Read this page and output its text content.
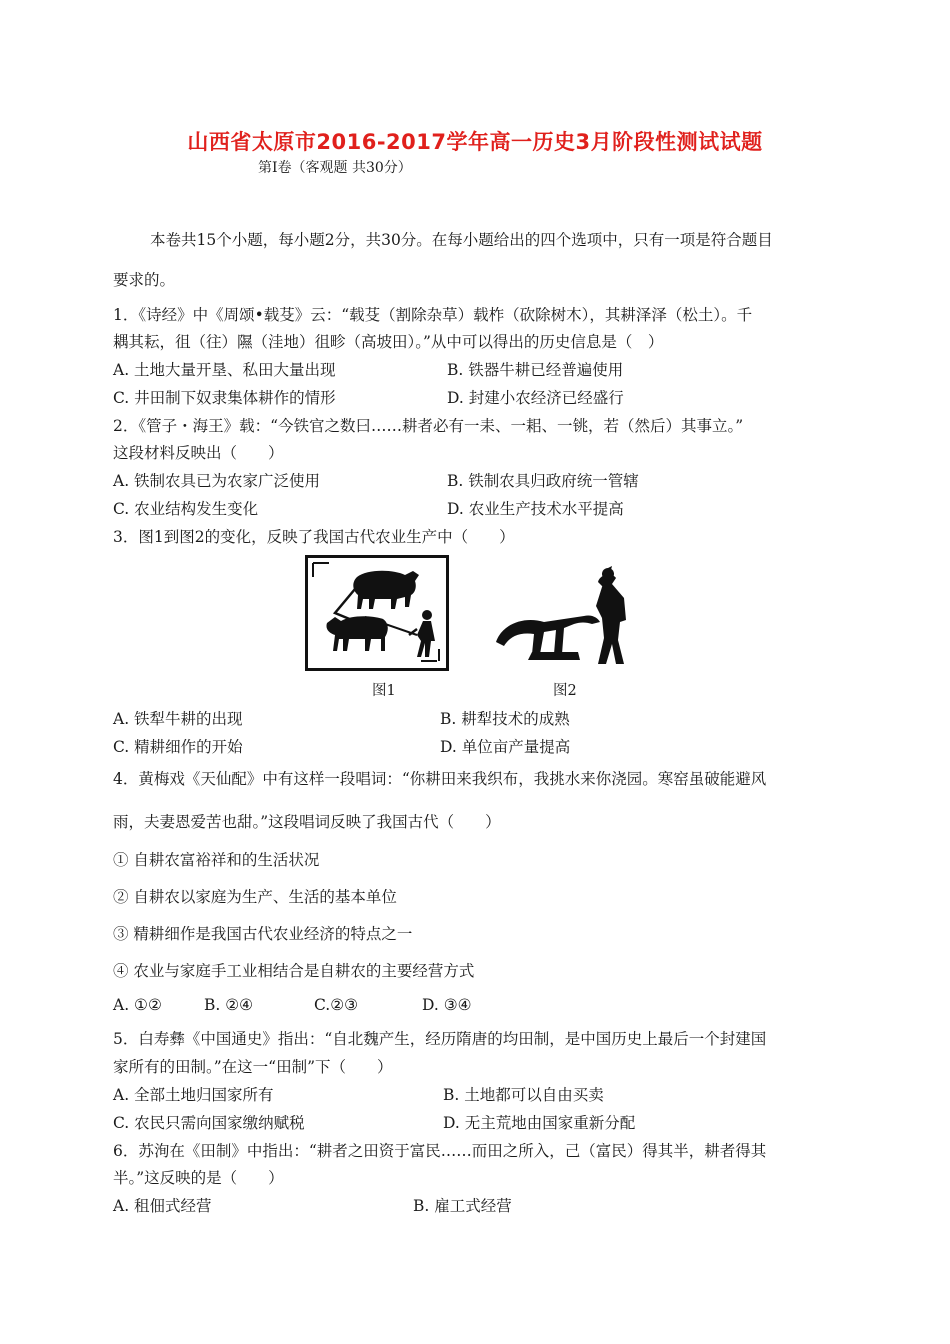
山西省太原市2016-2017学年高一历史3月阶段性测试试题
第Ⅰ卷（客观题 共30分）
本卷共15个小题，每小题2分，共30分。在每小题给出的四个选项中，只有一项是符合题目
要求的。
1．《诗经》中《周颂•载芟》云：“载芟（割除杂草）载柞（砍除树木），其耕泽泽（松土）。千
耦其耘，徂（往）隰（洼地）徂畛（高坡田）。”从中可以得出的历史信息是（　）
A. 土地大量开垦、私田大量出现	B. 铁器牛耕已经普遍使用
C. 井田制下奴隶集体耕作的情形	D. 封建小农经济已经盛行
2．《管子・海王》载：“今铁官之数曰……耕者必有一耒、一耜、一铫，若（然后）其事立。”
这段材料反映出（　　）
A. 铁制农具已为农家广泛使用	B. 铁制农具归政府统一管辖
C. 农业结构发生变化	D. 农业生产技术水平提高
3．图1到图2的变化，反映了我国古代农业生产中（　　）
图1	图2
A. 铁犁牛耕的出现	B. 耕犁技术的成熟
C. 精耕细作的开始	D. 单位亩产量提高
4．黄梅戏《天仙配》中有这样一段唱词：“你耕田来我织布，我挑水来你浇园。寒窑虽破能避风
雨，夫妻恩爱苦也甜。”这段唱词反映了我国古代（　　）
① 自耕农富裕祥和的生活状况
② 自耕农以家庭为生产、生活的基本单位
③ 精耕细作是我国古代农业经济的特点之一
④ 农业与家庭手工业相结合是自耕农的主要经营方式
A. ①②	B. ②④	C.②③	D. ③④
5．白寿彝《中国通史》指出：“自北魏产生，经历隋唐的均田制，是中国历史上最后一个封建国
家所有的田制。”在这一“田制”下（　　）
A. 全部土地归国家所有	B. 土地都可以自由买卖
C. 农民只需向国家缴纳赋税	D. 无主荒地由国家重新分配
6．苏洵在《田制》中指出：“耕者之田资于富民……而田之所入，己（富民）得其半，耕者得其
半。”这反映的是（　　）
A. 租佃式经营	B. 雇工式经营
